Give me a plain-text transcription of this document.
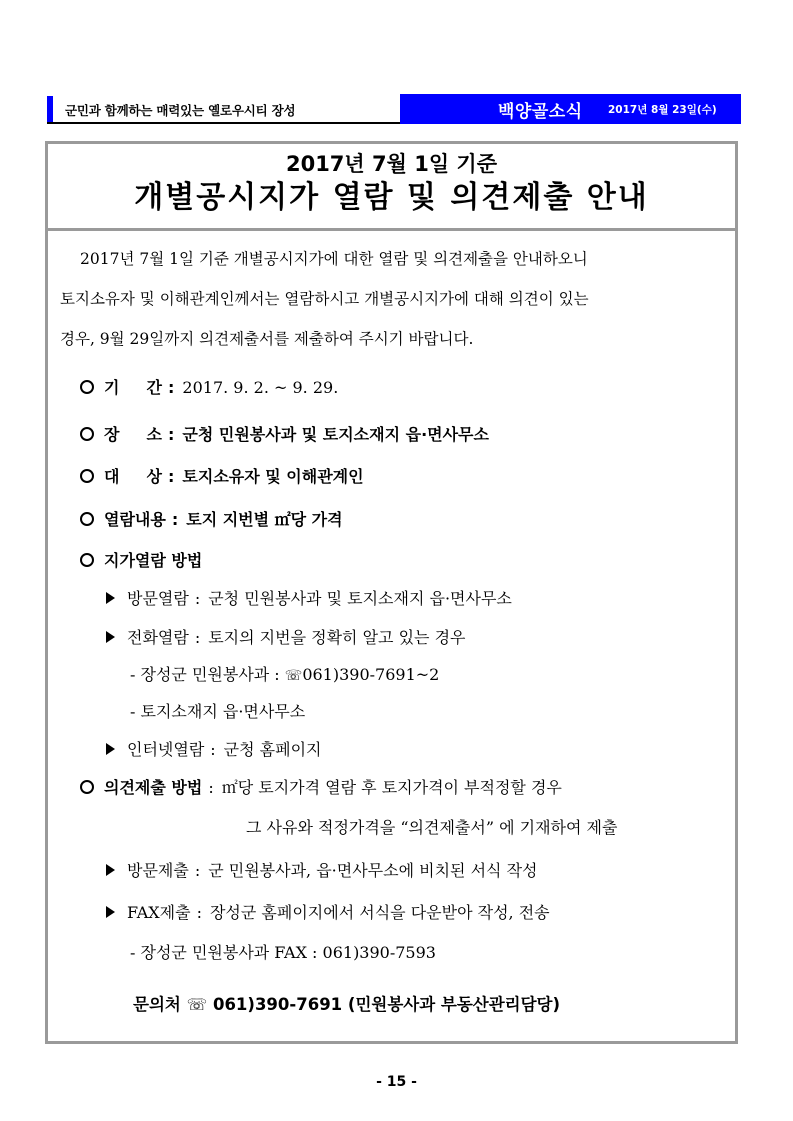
군민과 함께하는 매력있는 옐로우시티 장성	백양골소식 2017년 8월 23일(수)
2017년 7월 1일 기준
개별공시지가 열람 및 의견제출 안내
2017년 7월 1일 기준 개별공시지가에 대한 열람 및 의견제출을 안내하오니
토지소유자 및 이해관계인께서는 열람하시고 개별공시지가에 대해 의견이 있는
경우, 9월 29일까지 의견제출서를 제출하여 주시기 바랍니다.
기 간 : 2017. 9. 2. ~ 9. 29.
장 소 : 군청 민원봉사과 및 토지소재지 읍·면사무소
대 상 : 토지소유자 및 이해관계인
열람내용 : 토지 지번별 ㎡당 가격
지가열람 방법
방문열람 : 군청 민원봉사과 및 토지소재지 읍·면사무소
전화열람 : 토지의 지번을 정확히 알고 있는 경우
- 장성군 민원봉사과 : ☏061)390-7691~2
- 토지소재지 읍·면사무소
인터넷열람 : 군청 홈페이지
의견제출 방법 : ㎡당 토지가격 열람 후 토지가격이 부적정할 경우
그 사유와 적정가격을 “의견제출서” 에 기재하여 제출
방문제출 : 군 민원봉사과, 읍·면사무소에 비치된 서식 작성
FAX제출 : 장성군 홈페이지에서 서식을 다운받아 작성, 전송
- 장성군 민원봉사과 FAX : 061)390-7593
문의처 ☏ 061)390-7691 (민원봉사과 부동산관리담당)
- 15 -
